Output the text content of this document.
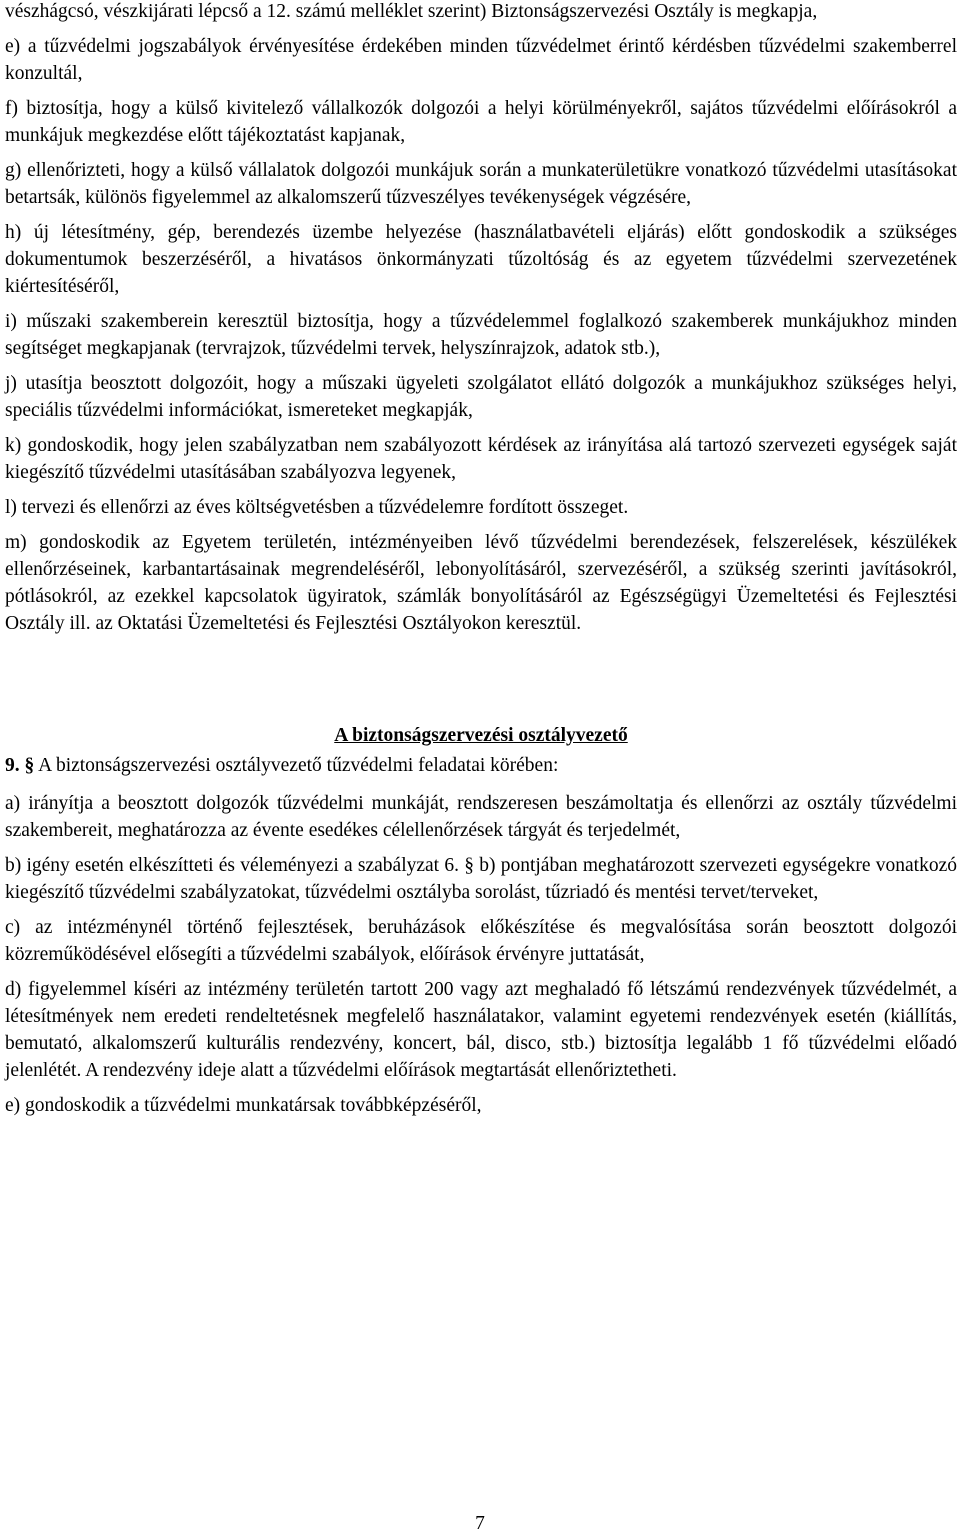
vészhágcsó, vészkijárati lépcső a 12. számú melléklet szerint) Biztonságszervezési Osztály is megkapja,

e) a tűzvédelmi jogszabályok érvényesítése érdekében minden tűzvédelmet érintő kérdésben tűzvédelmi szakemberrel konzultál,

f) biztosítja, hogy a külső kivitelező vállalkozók dolgozói a helyi körülményekről, sajátos tűzvédelmi előírásokról a munkájuk megkezdése előtt tájékoztatást kapjanak,

g) ellenőrizteti, hogy a külső vállalatok dolgozói munkájuk során a munkaterületükre vonatkozó tűzvédelmi utasításokat betartsák, különös figyelemmel az alkalomszerű tűzveszélyes tevékenységek végzésére,

h) új létesítmény, gép, berendezés üzembe helyezése (használatbavételi eljárás) előtt gondoskodik a szükséges dokumentumok beszerzéséről, a hivatásos önkormányzati tűzoltóság és az egyetem tűzvédelmi szervezetének kiértesítéséről,

i) műszaki szakemberein keresztül biztosítja, hogy a tűzvédelemmel foglalkozó szakemberek munkájukhoz minden segítséget megkapjanak (tervrajzok, tűzvédelmi tervek, helyszínrajzok, adatok stb.),

j) utasítja beosztott dolgozóit, hogy a műszaki ügyeleti szolgálatot ellátó dolgozók a munkájukhoz szükséges helyi, speciális tűzvédelmi információkat, ismereteket megkapják,

k) gondoskodik, hogy jelen szabályzatban nem szabályozott kérdések az irányítása alá tartozó szervezeti egységek saját kiegészítő tűzvédelmi utasításában szabályozva legyenek,

l) tervezi és ellenőrzi az éves költségvetésben a tűzvédelemre fordított összeget.

m) gondoskodik az Egyetem területén, intézményeiben lévő tűzvédelmi berendezések, felszerelések, készülékek ellenőrzéseinek, karbantartásainak megrendeléséről, lebonyolításáról, szervezéséről, a szükség szerinti javításokról, pótlásokról, az ezekkel kapcsolatok ügyiratok, számlák bonyolításáról az Egészségügyi Üzemeltetési és Fejlesztési Osztály ill. az Oktatási Üzemeltetési és Fejlesztési Osztályokon keresztül.

A biztonságszervezési osztályvezető
9. § A biztonságszervezési osztályvezető tűzvédelmi feladatai körében:

a) irányítja a beosztott dolgozók tűzvédelmi munkáját, rendszeresen beszámoltatja és ellenőrzi az osztály tűzvédelmi szakembereit, meghatározza az évente esedékes célellenőrzések tárgyát és terjedelmét,

b) igény esetén elkészítteti és véleményezi a szabályzat 6. § b) pontjában meghatározott szervezeti egységekre vonatkozó kiegészítő tűzvédelmi szabályzatokat, tűzvédelmi osztályba sorolást, tűzriadó és mentési tervet/terveket,

c) az intézménynél történő fejlesztések, beruházások előkészítése és megvalósítása során beosztott dolgozói közreműködésével elősegíti a tűzvédelmi szabályok, előírások érvényre juttatását,

d) figyelemmel kíséri az intézmény területén tartott 200 vagy azt meghaladó fő létszámú rendezvények tűzvédelmét, a létesítmények nem eredeti rendeltetésnek megfelelő használatakor, valamint egyetemi rendezvények esetén (kiállítás, bemutató, alkalomszerű kulturális rendezvény, koncert, bál, disco, stb.) biztosítja legalább 1 fő tűzvédelmi előadó jelenlétét. A rendezvény ideje alatt a tűzvédelmi előírások megtartását ellenőriztetheti.

e) gondoskodik a tűzvédelmi munkatársak továbbképzéséről,

7
